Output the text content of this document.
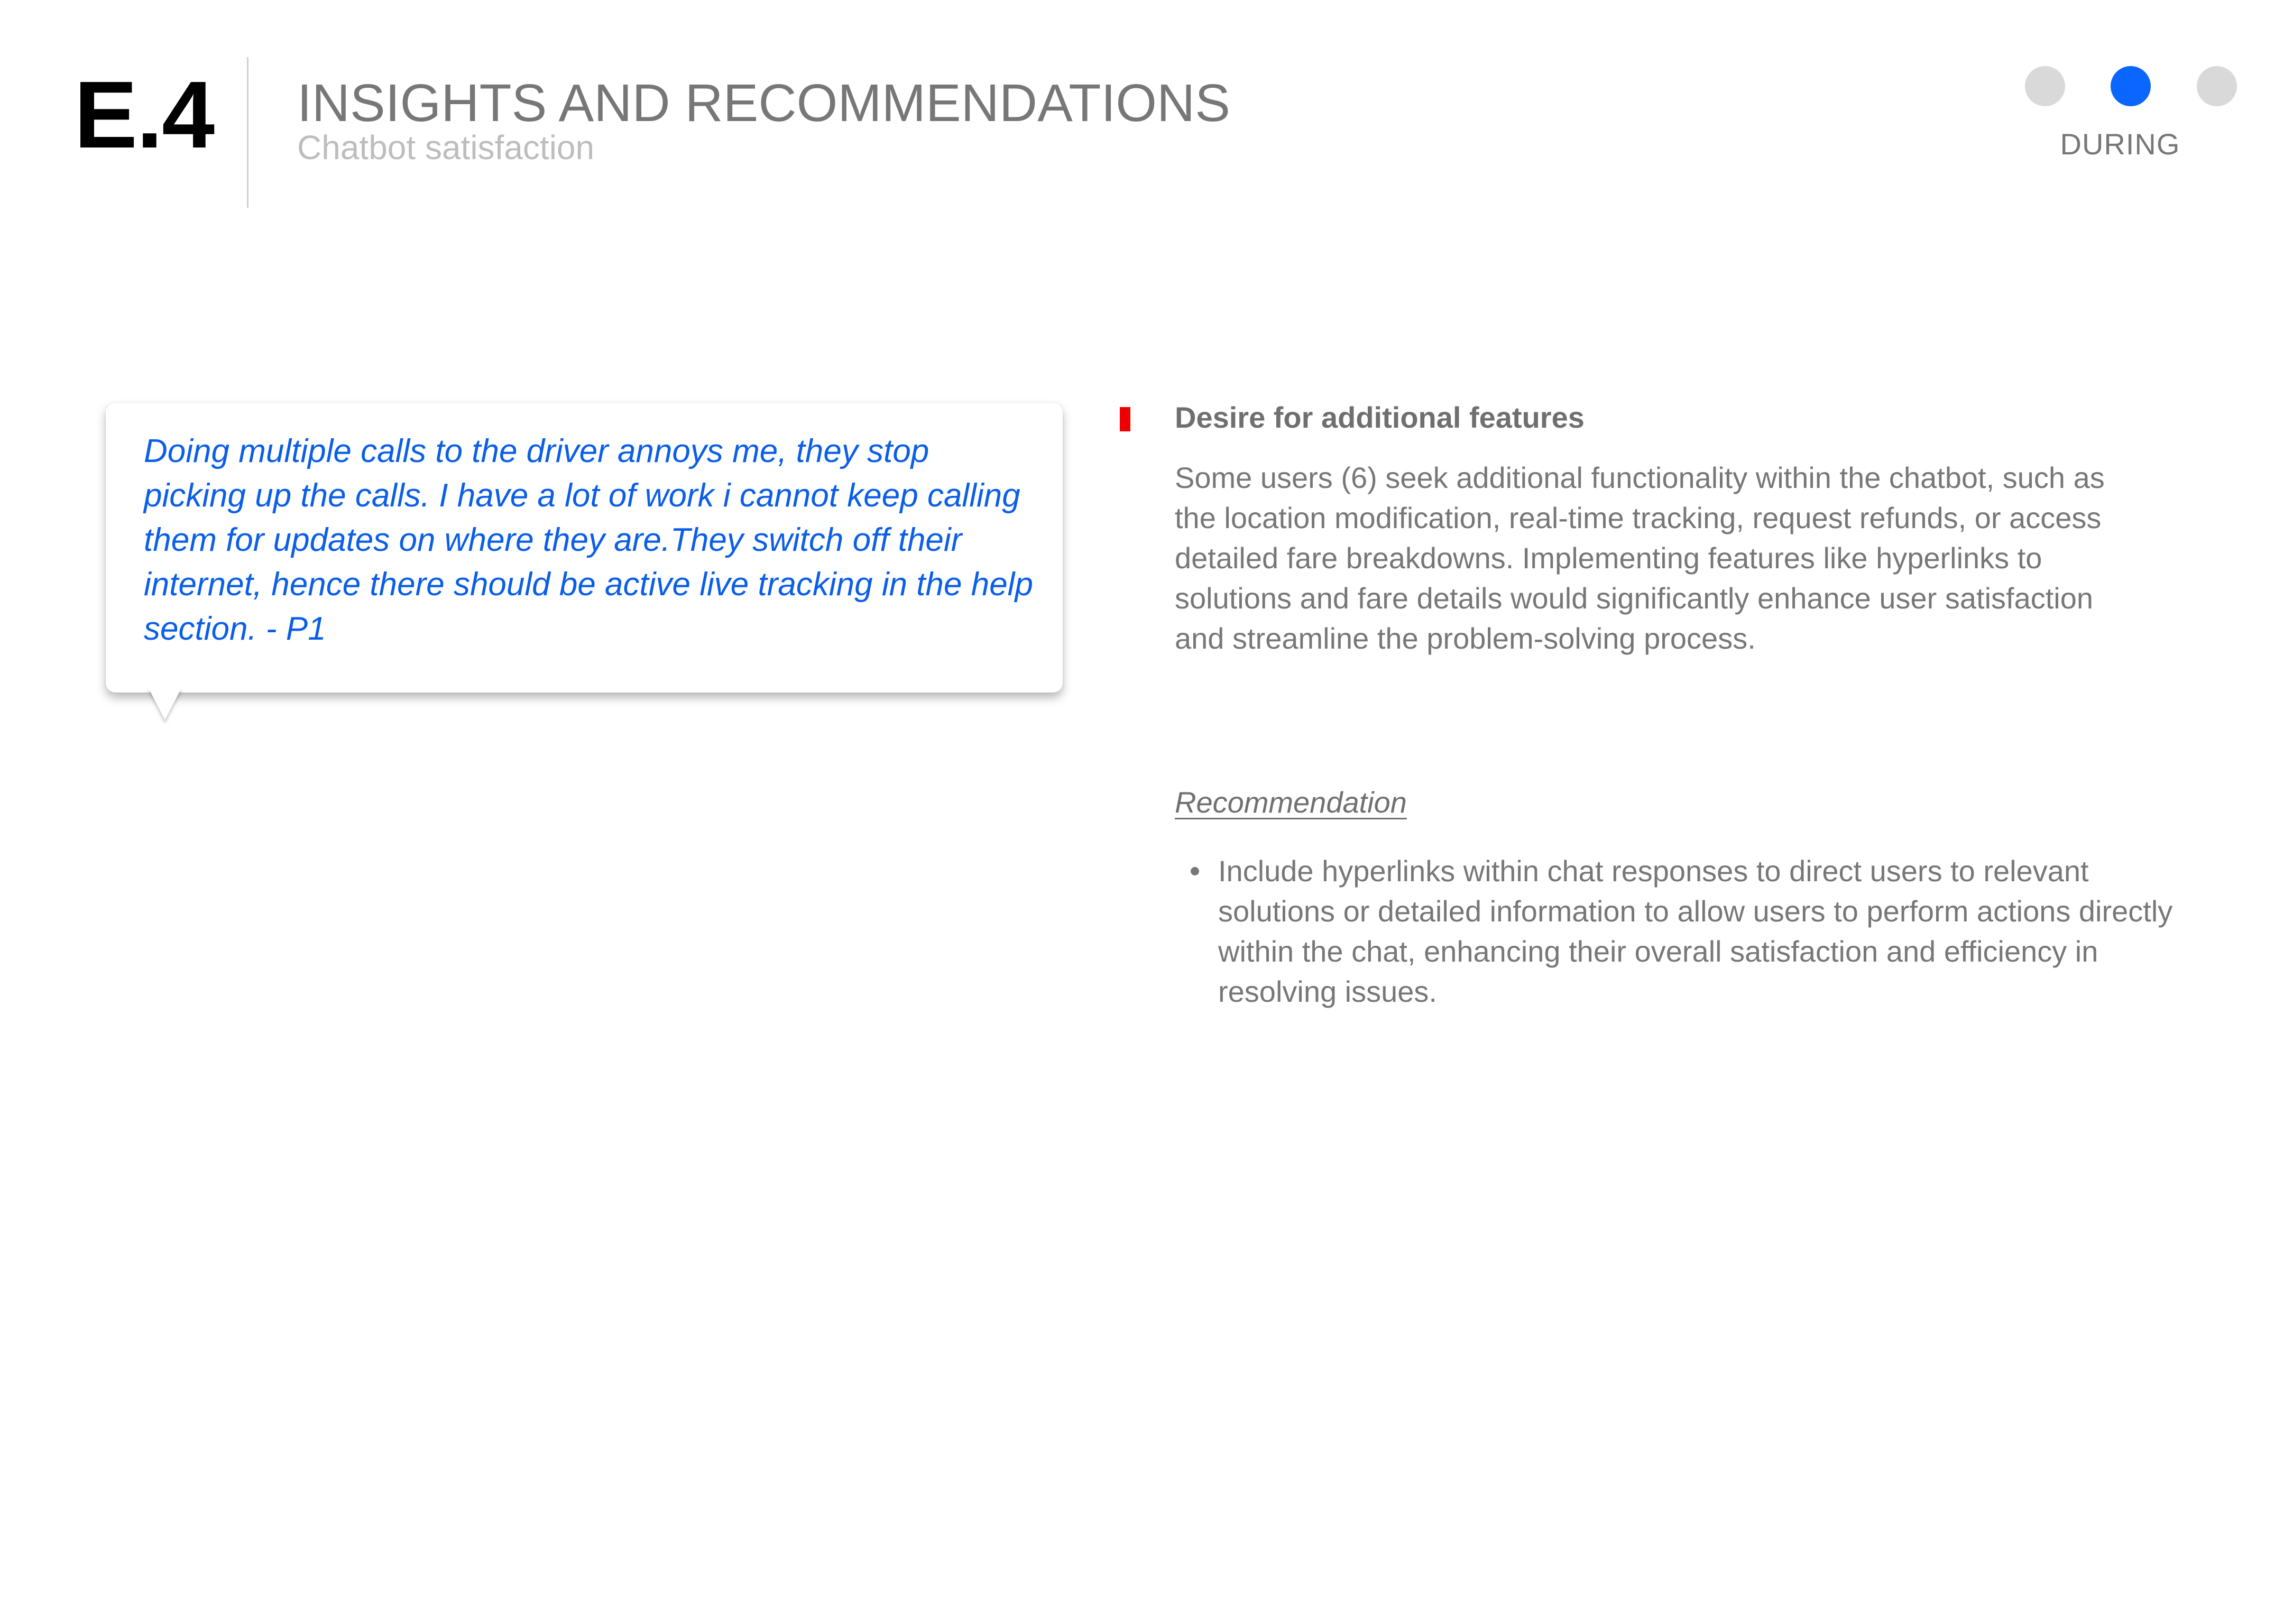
E.4 INSIGHTS AND RECOMMENDATIONS
Chatbot satisfaction	DURING
Doing multiple calls to the driver annoys me, they stop picking up the calls. I have a lot of work i cannot keep calling them for updates on where they are.They switch off their internet, hence there should be active live tracking in the help section. - P1
Desire for additional features
Some users (6) seek additional functionality within the chatbot, such as the location modification, real-time tracking, request refunds, or access detailed fare breakdowns. Implementing features like hyperlinks to solutions and fare details would significantly enhance user satisfaction and streamline the problem-solving process.
Recommendation
Include hyperlinks within chat responses to direct users to relevant solutions or detailed information to allow users to perform actions directly within the chat, enhancing their overall satisfaction and efficiency in resolving issues.
